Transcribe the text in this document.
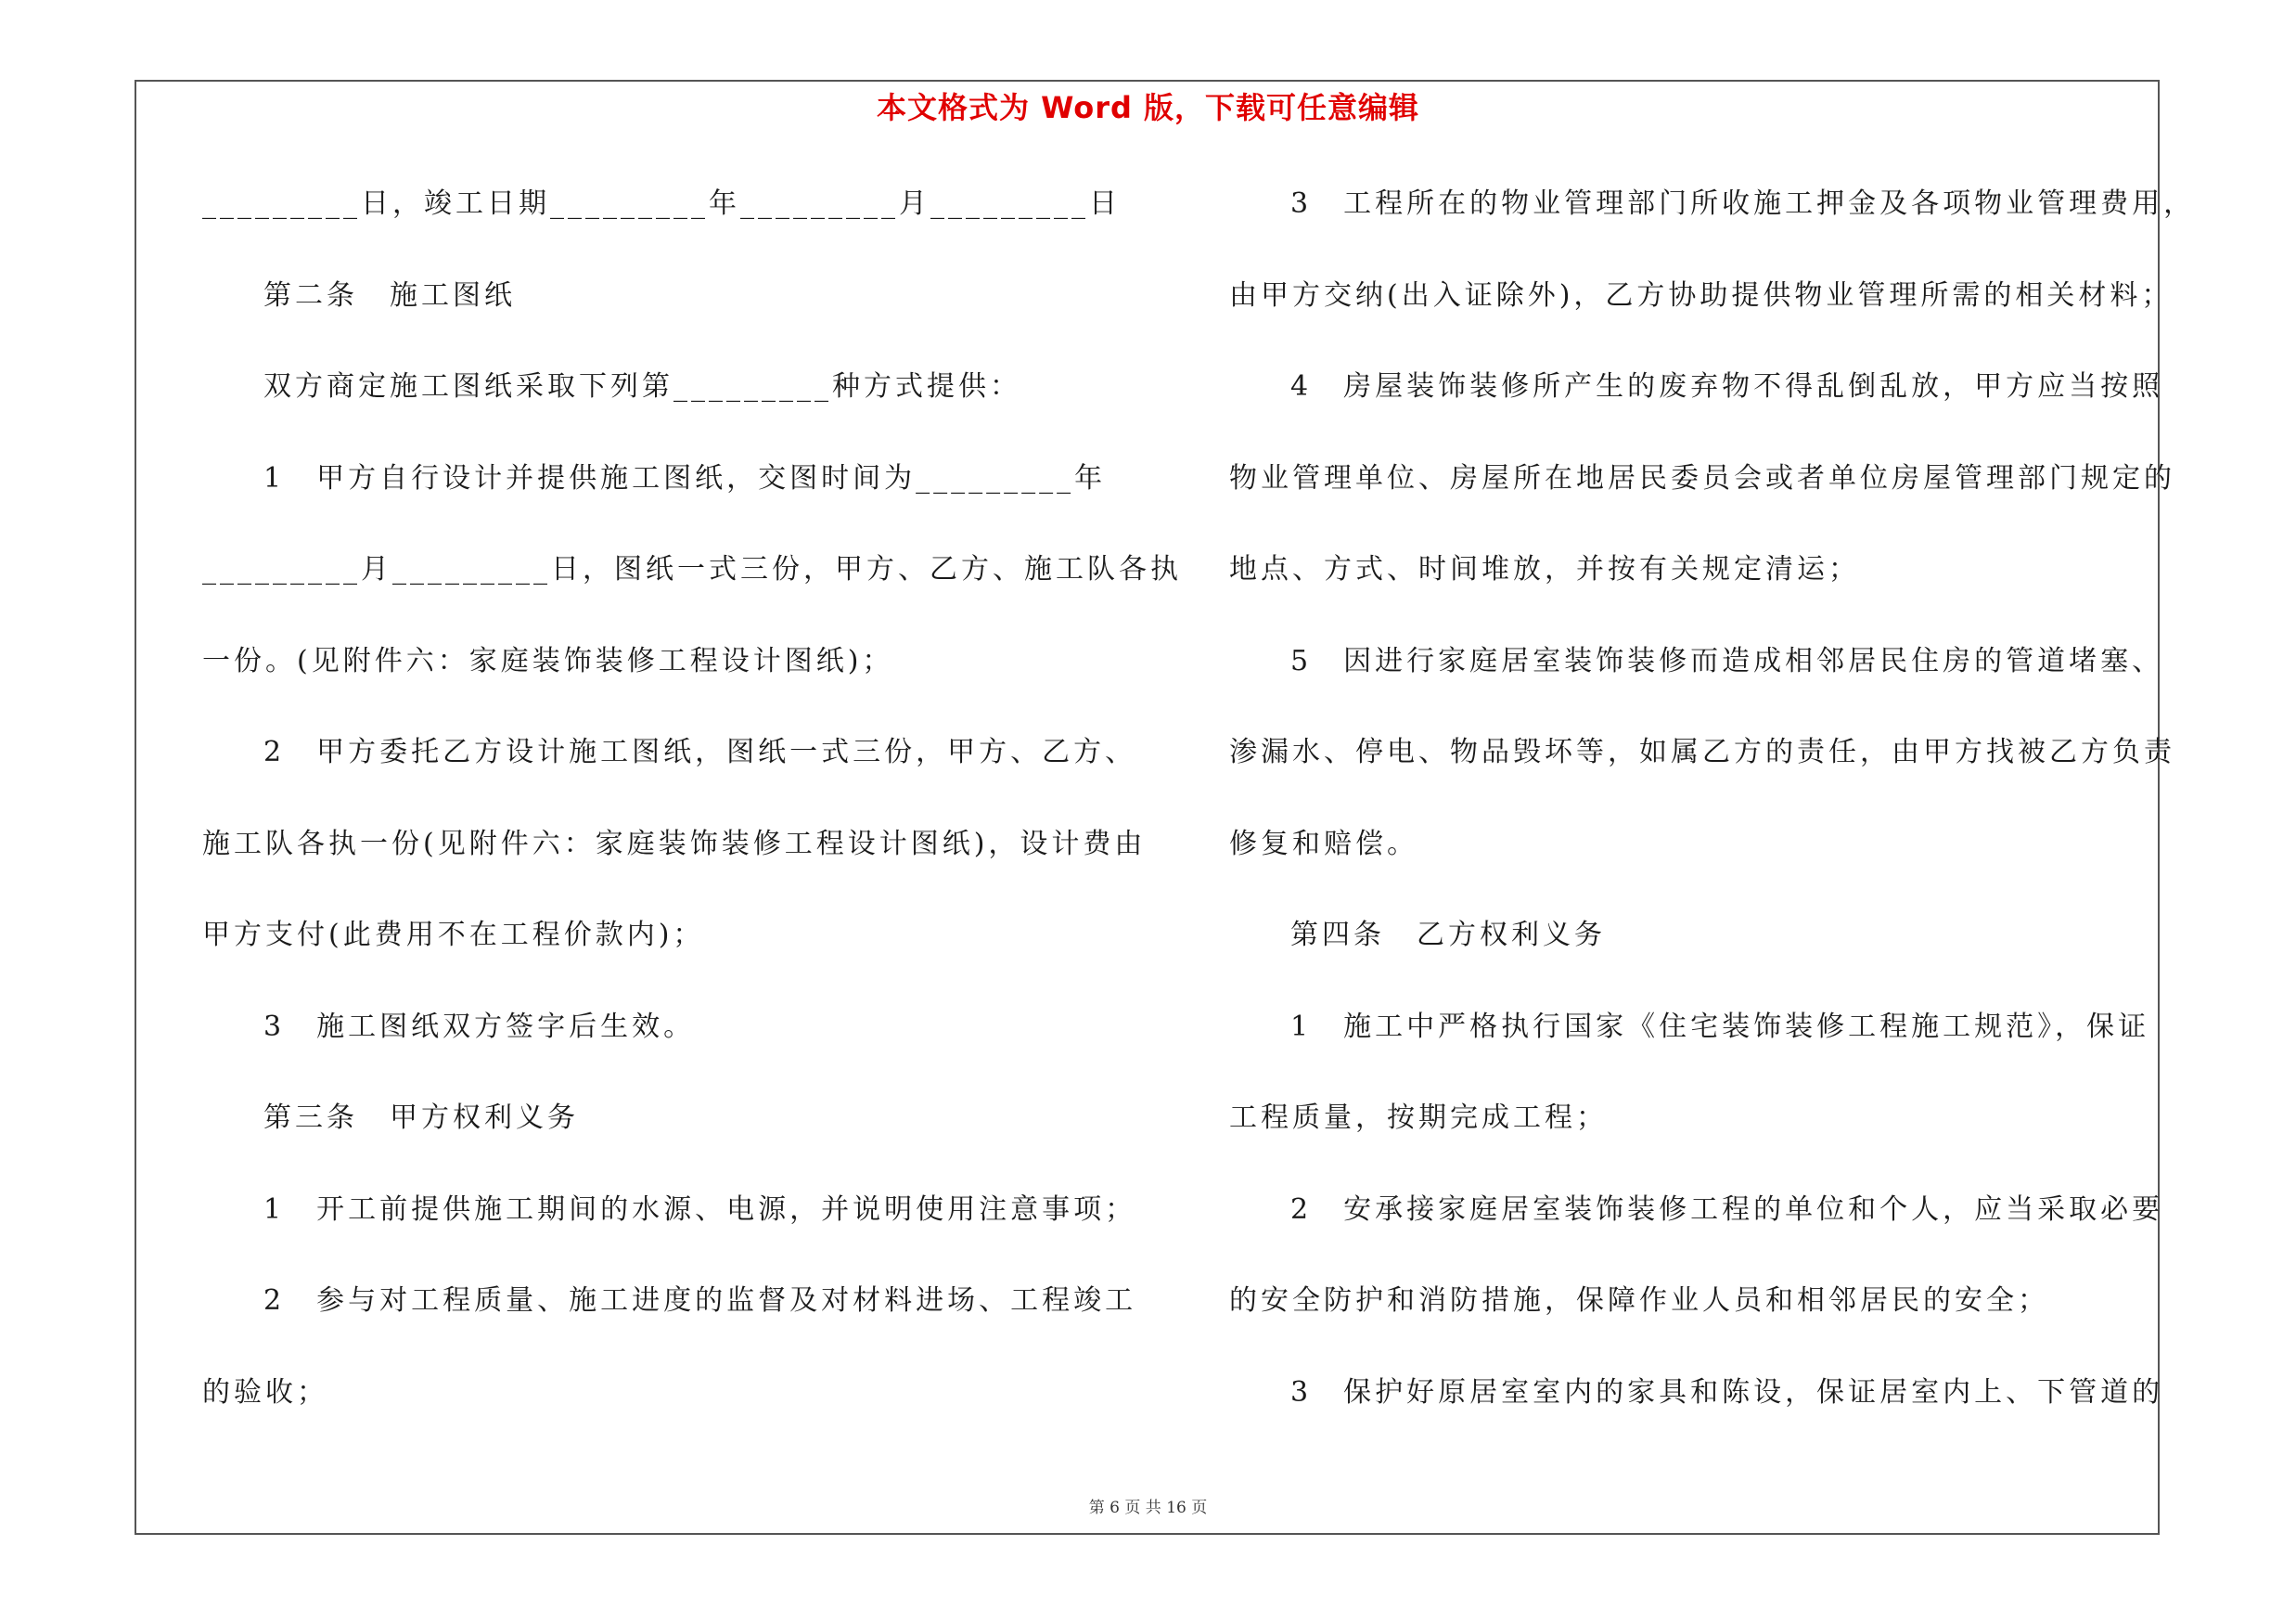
本文格式为 Word 版，下载可任意编辑
_________日，竣工日期_________年_________月_________日
第二条　施工图纸
双方商定施工图纸采取下列第_________种方式提供：
1　甲方自行设计并提供施工图纸，交图时间为_________年
_________月_________日，图纸一式三份，甲方、乙方、施工队各执
一份。(见附件六：家庭装饰装修工程设计图纸)；
2　甲方委托乙方设计施工图纸，图纸一式三份，甲方、乙方、
施工队各执一份(见附件六：家庭装饰装修工程设计图纸)，设计费由
甲方支付(此费用不在工程价款内)；
3　施工图纸双方签字后生效。
第三条　甲方权利义务
1　开工前提供施工期间的水源、电源，并说明使用注意事项；
2　参与对工程质量、施工进度的监督及对材料进场、工程竣工
的验收；
3　工程所在的物业管理部门所收施工押金及各项物业管理费用，
由甲方交纳(出入证除外)，乙方协助提供物业管理所需的相关材料；
4　房屋装饰装修所产生的废弃物不得乱倒乱放，甲方应当按照
物业管理单位、房屋所在地居民委员会或者单位房屋管理部门规定的
地点、方式、时间堆放，并按有关规定清运；
5　因进行家庭居室装饰装修而造成相邻居民住房的管道堵塞、
渗漏水、停电、物品毁坏等，如属乙方的责任，由甲方找被乙方负责
修复和赔偿。
第四条　乙方权利义务
1　施工中严格执行国家《住宅装饰装修工程施工规范》，保证
工程质量，按期完成工程；
2　安承接家庭居室装饰装修工程的单位和个人，应当采取必要
的安全防护和消防措施，保障作业人员和相邻居民的安全；
3　保护好原居室室内的家具和陈设，保证居室内上、下管道的
第 6 页 共 16 页
